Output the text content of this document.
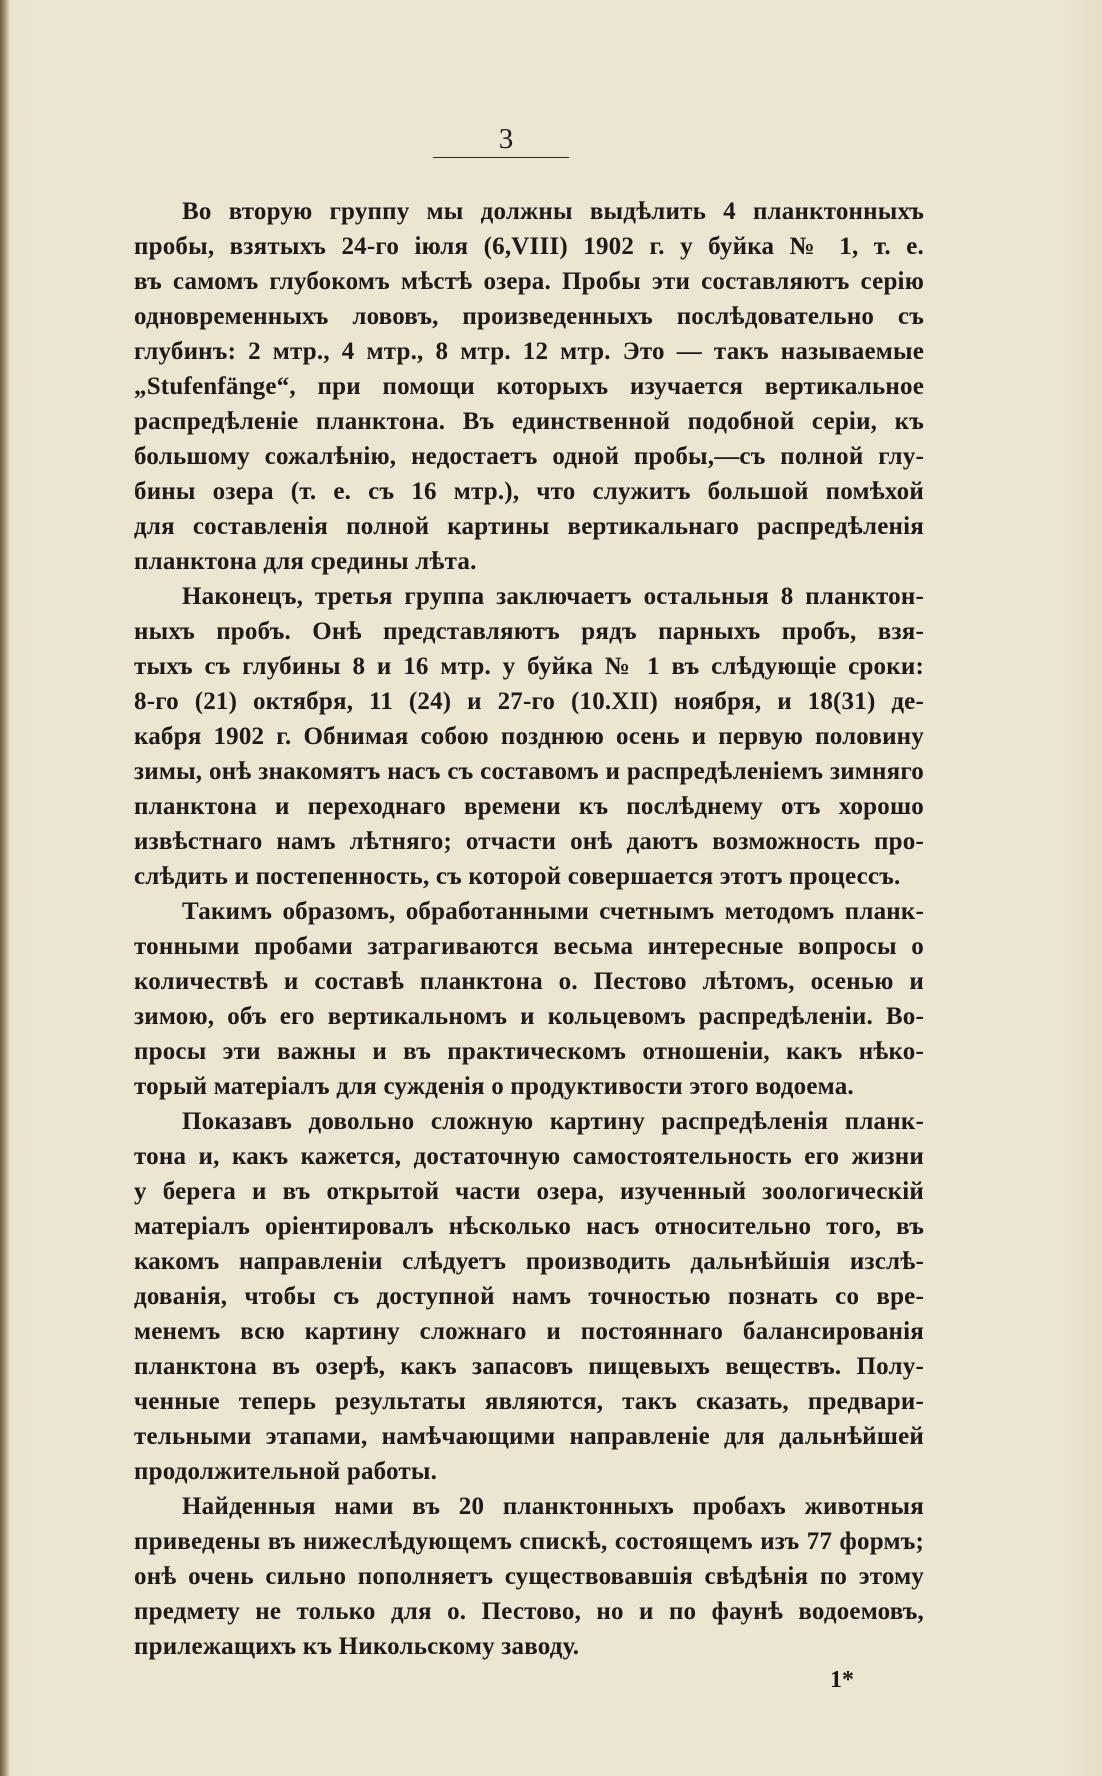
3
Во вторую группу мы должны выдѣлить 4 планктонныхъ
пробы, взятыхъ 24-го іюля (6,VIII) 1902 г. у буйка № 1, т. е.
въ самомъ глубокомъ мѣстѣ озера. Пробы эти составляютъ серію
одновременныхъ лововъ, произведенныхъ послѣдовательно съ
глубинъ: 2 мтр., 4 мтр., 8 мтр. 12 мтр. Это — такъ называемые
„Stufenfänge“, при помощи которыхъ изучается вертикальное
распредѣленіе планктона. Въ единственной подобной серіи, къ
большому сожалѣнію, недостаетъ одной пробы,—съ полной глу-
бины озера (т. е. съ 16 мтр.), что служитъ большой помѣхой
для составленія полной картины вертикальнаго распредѣленія
планктона для средины лѣта.
Наконецъ, третья группа заключаетъ остальныя 8 планктон-
ныхъ пробъ. Онѣ представляютъ рядъ парныхъ пробъ, взя-
тыхъ съ глубины 8 и 16 мтр. у буйка № 1 въ слѣдующіе сроки:
8-го (21) октября, 11 (24) и 27-го (10.XII) ноября, и 18(31) де-
кабря 1902 г. Обнимая собою позднюю осень и первую половину
зимы, онѣ знакомятъ насъ съ составомъ и распредѣленіемъ зимняго
планктона и переходнаго времени къ послѣднему отъ хорошо
извѣстнаго намъ лѣтняго; отчасти онѣ даютъ возможность про-
слѣдить и постепенность, съ которой совершается этотъ процессъ.
Такимъ образомъ, обработанными счетнымъ методомъ планк-
тонными пробами затрагиваются весьма интересные вопросы о
количествѣ и составѣ планктона о. Пестово лѣтомъ, осенью и
зимою, объ его вертикальномъ и кольцевомъ распредѣленіи. Во-
просы эти важны и въ практическомъ отношеніи, какъ нѣко-
торый матеріалъ для сужденія о продуктивости этого водоема.
Показавъ довольно сложную картину распредѣленія планк-
тона и, какъ кажется, достаточную самостоятельность его жизни
у берега и въ открытой части озера, изученный зоологическій
матеріалъ оріентировалъ нѣсколько насъ относительно того, въ
какомъ направленіи слѣдуетъ производить дальнѣйшія изслѣ-
дованія, чтобы съ доступной намъ точностью познать со вре-
менемъ всю картину сложнаго и постояннаго балансированія
планктона въ озерѣ, какъ запасовъ пищевыхъ веществъ. Полу-
ченные теперь результаты являются, такъ сказать, предвари-
тельными этапами, намѣчающими направленіе для дальнѣйшей
продолжительной работы.
Найденныя нами въ 20 планктонныхъ пробахъ животныя
приведены въ нижеслѣдующемъ спискѣ, состоящемъ изъ 77 формъ;
онѣ очень сильно пополняетъ существовавшія свѣдѣнія по этому
предмету не только для о. Пестово, но и по фаунѣ водоемовъ,
прилежащихъ къ Никольскому заводу.
1*
